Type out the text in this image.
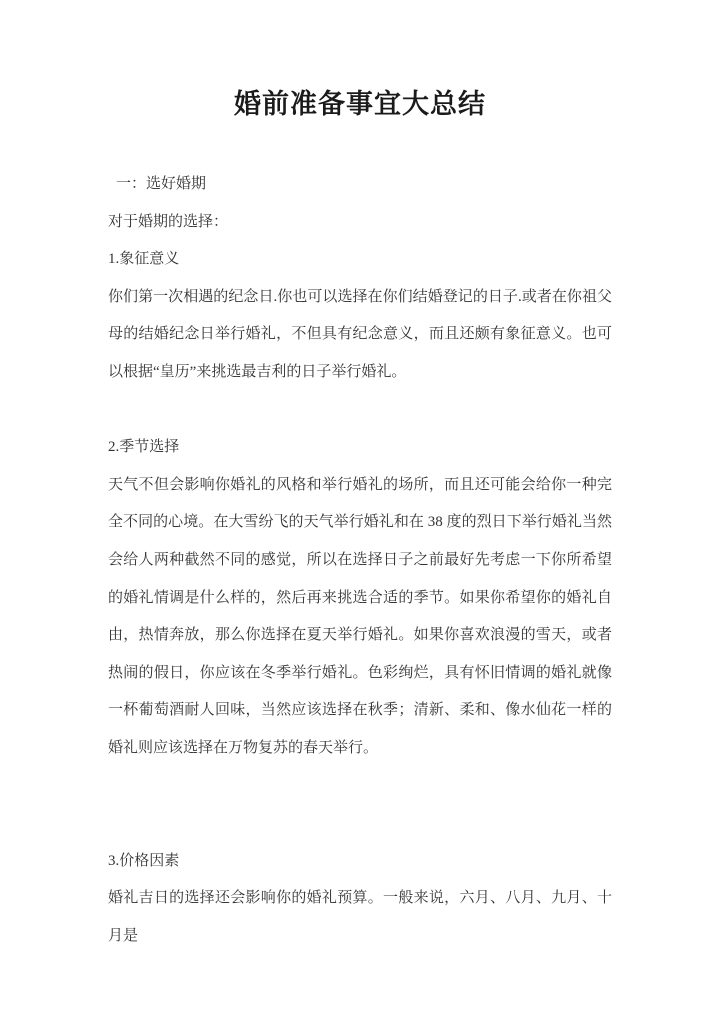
婚前准备事宜大总结

一：选好婚期

对于婚期的选择：

1.象征意义

你们第一次相遇的纪念日.你也可以选择在你们结婚登记的日子.或者在你祖父母的结婚纪念日举行婚礼，不但具有纪念意义，而且还颇有象征意义。也可以根据“皇历”来挑选最吉利的日子举行婚礼。

2.季节选择

天气不但会影响你婚礼的风格和举行婚礼的场所，而且还可能会给你一种完全不同的心境。在大雪纷飞的天气举行婚礼和在 38 度的烈日下举行婚礼当然会给人两种截然不同的感觉，所以在选择日子之前最好先考虑一下你所希望的婚礼情调是什么样的，然后再来挑选合适的季节。如果你希望你的婚礼自由，热情奔放，那么你选择在夏天举行婚礼。如果你喜欢浪漫的雪天，或者热闹的假日，你应该在冬季举行婚礼。色彩绚烂，具有怀旧情调的婚礼就像一杯葡萄酒耐人回味，当然应该选择在秋季；清新、柔和、像水仙花一样的婚礼则应该选择在万物复苏的春天举行。

3.价格因素

婚礼吉日的选择还会影响你的婚礼预算。一般来说，六月、八月、九月、十月是
